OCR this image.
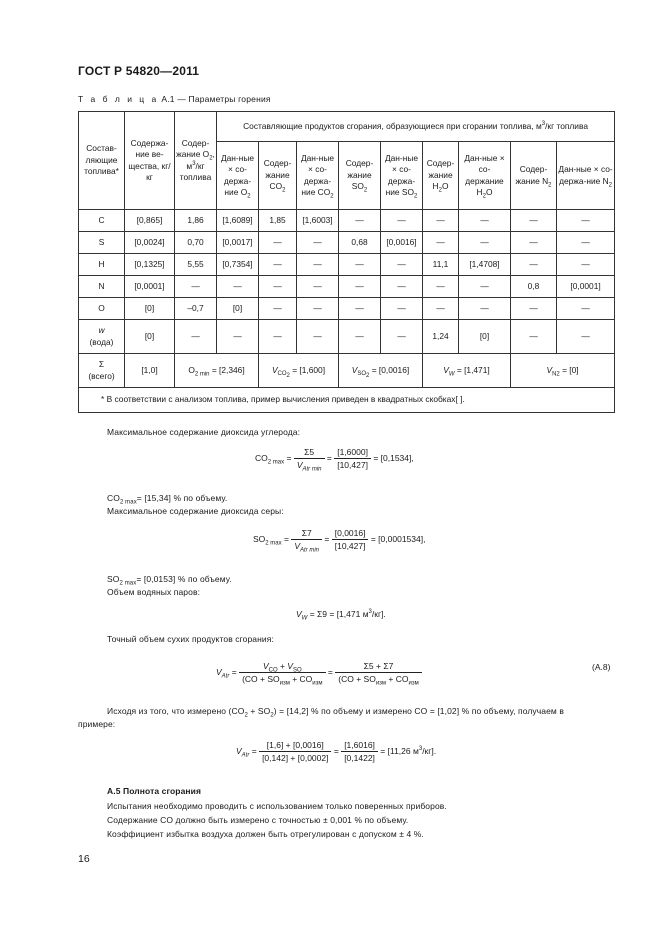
ГОСТ Р 54820—2011
Т а б л и ц а А.1 — Параметры горения
Состав-ляющие топлива*	Содержа-ние ве-щества, кг/кг	Содер-жание $O_2$, $м^3/кг$ топлива	Составляющие продуктов сгорания, образующиеся при сгорании топлива, $м^3/кг$ топлива								
			Дан-ные × со-держа-ние $O_2$	Содер-жание $CO_2$	Дан-ные × со-держа-ние $CO_2$	Содер-жание $SO_2$	Дан-ные × со-держа-ние $SO_2$	Содер-жание $H_2O$	Дан-ные × со-держание $H_2O$	Содер-жание $N_2$	Дан-ные × со-держа-ние $N_2$
C	[0,865]	1,86	[1,6089]	1,85	[1,6003]	—	—	—	—	—	—
S	[0,0024]	0,70	[0,0017]	—	—	0,68	[0,0016]	—	—	—	—
H	[0,1325]	5,55	[0,7354]	—	—	—	—	11,1	[1,4708]	—	—
N	[0,0001]	—	—	—	—	—	—	—	—	0,8	[0,0001]
O	[0]	–0,7	[0]	—	—	—	—	—	—	—	—
w
(вода)	[0]	—	—	—	—	—	—	1,24	[0]	—	—
Σ
(всего)	[1,0]	$O_{2 min} = [2,346]$		$V_{CO_2} = [1,600]$		$V_{SO_2} = [0,0016]$		$V_W = [1,471]$		$V_{N2} = [0]$	
* В соответствии с анализом топлива, пример вычисления приведен в квадратных скобках[ ].											
Максимальное содержание диоксида углерода:
$CO_{2 max} = \frac{\Sigma 5}{V_{Atr min}} = \frac{[1,6000]}{[10,427]} = [0,1534]$,
$CO_{2 max}= [15,34]$ % по объему.
Максимальное содержание диоксида серы:
$SO_{2 max} = \frac{\Sigma 7}{V_{Atr min}} = \frac{[0,0016]}{[10,427]} = [0,0001534]$,
$SO_{2 max}= [0,0153]$ % по объему.
Объем водяных паров:
$V_W = \Sigma 9 = [1,471$ $м^3/кг$].
Точный объем сухих продуктов сгорания:
$V_{Atr} = \frac{V_{CO} + V_{SO}}{(CO + SO_{изм} + CO_{изм}} = \frac{\Sigma 5 + \Sigma 7}{(CO + SO_{изм} + CO_{изм}}$	(А.8)
Исходя из того, что измерено $(CO_2 + SO_2) = [14,2]$ % по объему и измерено CO = [1,02] % по объему, получаем в
примере:
$V_{Atr} = \frac{[1,6] + [0,0016]}{[0,142] + [0,0002]} = \frac{[1,6016]}{[0,1422]} = [11,26$ $м^3/кг$].
А.5 Полнота сгорания
Испытания необходимо проводить с использованием только поверенных приборов.
Содержание CO должно быть измерено с точностью ± 0,001 % по объему.
Коэффициент избытка воздуха должен быть отрегулирован с допуском ± 4 %.
16
